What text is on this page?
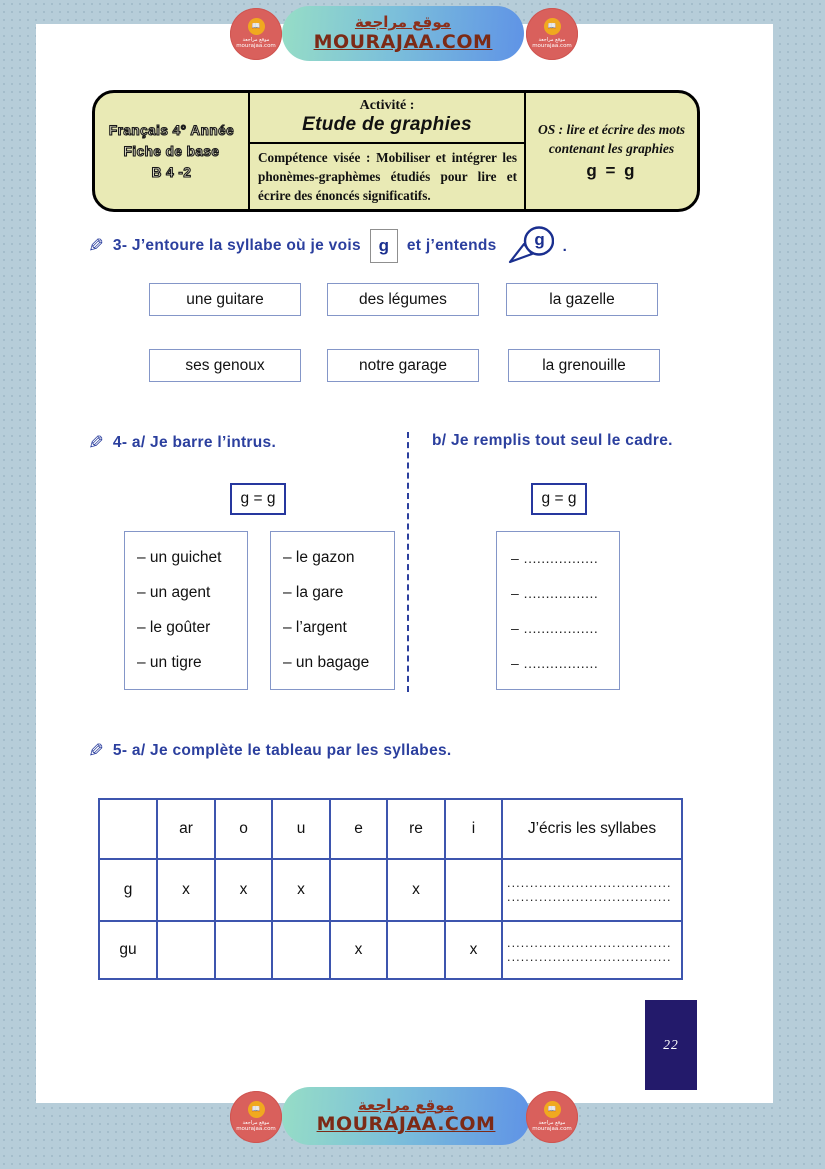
📖
موقع مراجعة
mourajaa.com
موقع مراجعة
MOURAJAA.COM
📖
موقع مراجعة
mourajaa.com
Français 4° Année
Fiche de base
B 4 -2
Activité :
Etude de graphies
Compétence visée : Mobiliser et intégrer les phonèmes-graphèmes étudiés pour lire et écrire des énoncés significatifs.
OS : lire et écrire des mots contenant les graphies
g = g
✎ 3- J’entoure la syllabe où je vois	g	et j’entends	g	.
une guitare	des légumes	la gazelle
ses genoux	notre garage	la grenouille
✎ 4- a/ Je barre l’intrus.	b/ Je remplis tout seul le cadre.
g = g	g = g
– un guichet
– un agent
– le goûter
– un tigre
– le gazon
– la gare
– l’argent
– un bagage
– .................
– .................
– .................
– .................
✎ 5- a/ Je complète le tableau par les syllabes.
	ar	o	u	e	re	i	J’écris les syllabes
g	x	x	x		x		....................................
....................................

gu				x		x	....................................
....................................
22
📖
موقع مراجعة
mourajaa.com
موقع مراجعة
MOURAJAA.COM
📖
موقع مراجعة
mourajaa.com
